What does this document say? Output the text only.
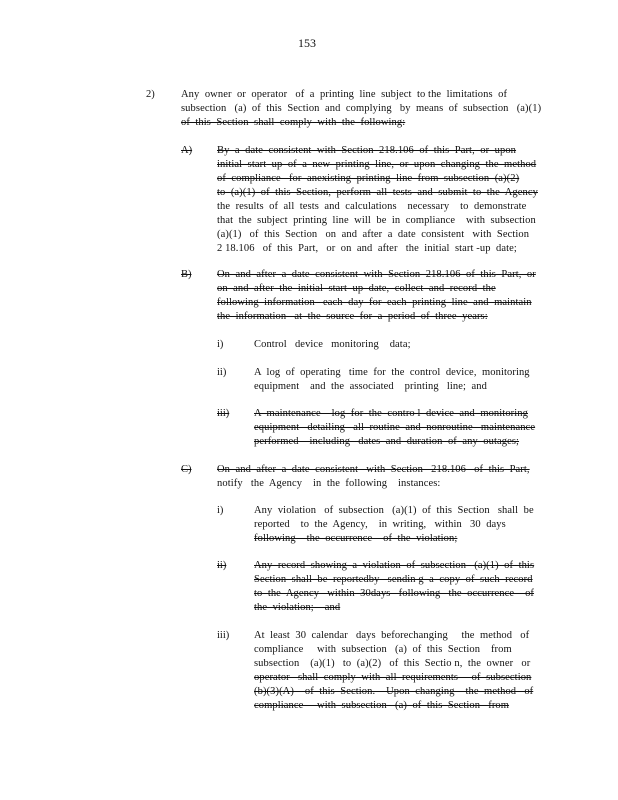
153
2)	Any  owner  or  operator   of  a  printing  line  subject  to the  limitations  of
subsection   (a)  of  this  Section  and  complying   by  means  of  subsection   (a)(1)
of  this  Section  shall  comply  with  the  following:
A) By  a  date  consistent  with  Section  218.106  of  this  Part,  or  upon
initial  start  up  of  a  new  printing  line,  or  upon  changing  the  method
of  compliance   for  anexisting  printing  line  from  subsection  (a)(2)
to  (a)(1)  of  this  Section,  perform  all  tests  and  submit  to  the  Agency
the  results  of  all  tests  and  calculations    necessary    to  demonstrate
that  the  subject  printing  line  will  be  in  compliance    with  subsection
(a)(1)   of  this  Section   on  and  after  a  date  consistent   with  Section
2 18.106   of  this  Part,   or  on  and  after   the  initial  start -up  date;
B) On  and  after  a  date  consistent  with  Section  218.106  of  this  Part,  or
on  and  after  the  initial  start  up  date,  collect  and  record  the
following  information   each  day  for  each  printing  line  and  maintain
the  information   at  the  source  for  a  period  of  three  years:
i)	Control   device   monitoring    data;
ii)	A  log  of  operating   time  for  the  control  device,  monitoring
equipment    and  the  associated    printing   line;  and
iii) A  maintenance    log  for  the  contro l  device  and  monitoring
equipment   detailing   all  routine  and  nonroutine   maintenance
performed    including   dates  and  duration  of  any  outages;
C) On  and  after  a  date  consistent   with  Section   218.106   of  this  Part,
notify   the  Agency    in  the  following    instances:
i)	Any  violation   of  subsection   (a)(1)  of  this  Section   shall  be
reported    to  the  Agency,    in  writing,   within   30  days
following    the  occurrence    of  the  violation;
ii)	Any  record  showing  a  violation  of  subsection   (a)(1)  of  this
Section  shall  be  reportedby   sendin g  a  copy  of  such  record
to  the  Agency   within  30days   following   the  occurrence    of
the  violation;    and
iii) At  least  30  calendar   days  beforechanging     the  method   of
compliance     with  subsection   (a)  of  this  Section    from
subsection    (a)(1)   to  (a)(2)   of  this  Sectio n,  the  owner   or
operator   shall  comply  with  all  requirements     of  subsection
(b)(3)(A)    of  this  Section.    Upon  changing    the  method   of
compliance     with  subsection   (a)  of  this  Section   from
